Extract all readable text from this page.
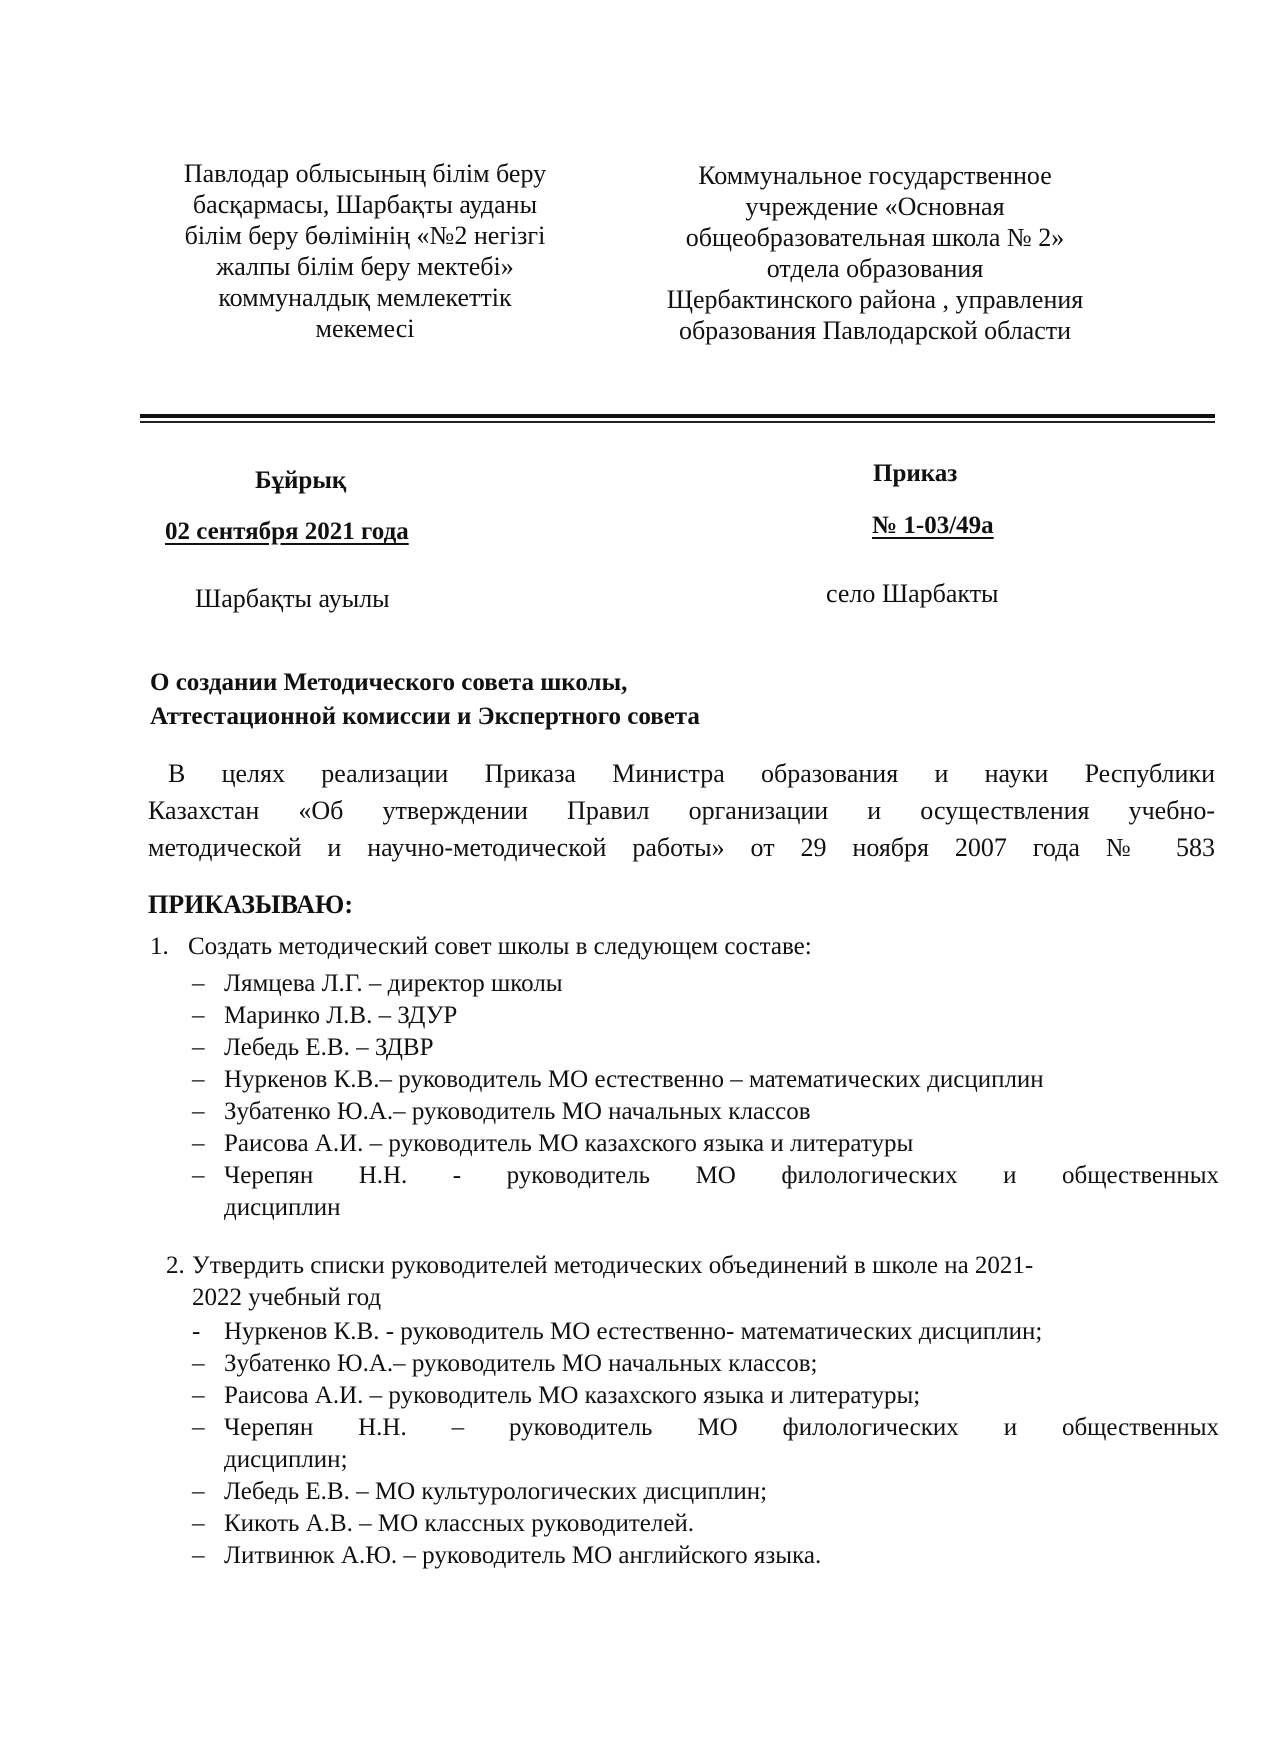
Павлодар облысының білім беру
басқармасы, Шарбақты ауданы
білім беру бөлімінің «№2 негізгі
жалпы білім беру мектебі»
коммуналдық мемлекеттік
мекемесі
Коммунальное государственное
учреждение «Основная
общеобразовательная школа № 2»
отдела образования
Щербактинского района , управления
образования Павлодарской области
Бұйрық	Приказ
02 сентября 2021 года	№ 1-03/49а
Шарбақты ауылы	село Шарбакты
О создании Методического совета школы,
Аттестационной комиссии и Экспертного совета
В целях реализации Приказа Министра образования и науки Республики
Казахстан «Об утверждении Правил организации и осуществления учебно-
методической и научно-методической работы» от 29 ноября 2007 года № 583
ПРИКАЗЫВАЮ:
1. Создать методический совет школы в следующем составе:
– Лямцева Л.Г. – директор школы
– Маринко Л.В. – ЗДУР
– Лебедь Е.В. – ЗДВР
– Нуркенов К.В.– руководитель МО естественно – математических дисциплин
– Зубатенко Ю.А.– руководитель МО начальных классов
– Раисова А.И. – руководитель МО казахского языка и литературы
– Черепян Н.Н. - руководитель МО филологических и общественных
дисциплин
2. Утвердить списки руководителей методических объединений в школе на 2021-
2022 учебный год
- Нуркенов К.В. - руководитель МО естественно- математических дисциплин;
– Зубатенко Ю.А.– руководитель МО начальных классов;
– Раисова А.И. – руководитель МО казахского языка и литературы;
– Черепян Н.Н. – руководитель МО филологических и общественных
дисциплин;
– Лебедь Е.В. – МО культурологических дисциплин;
– Кикоть А.В. – МО классных руководителей.
– Литвинюк А.Ю. – руководитель МО английского языка.
